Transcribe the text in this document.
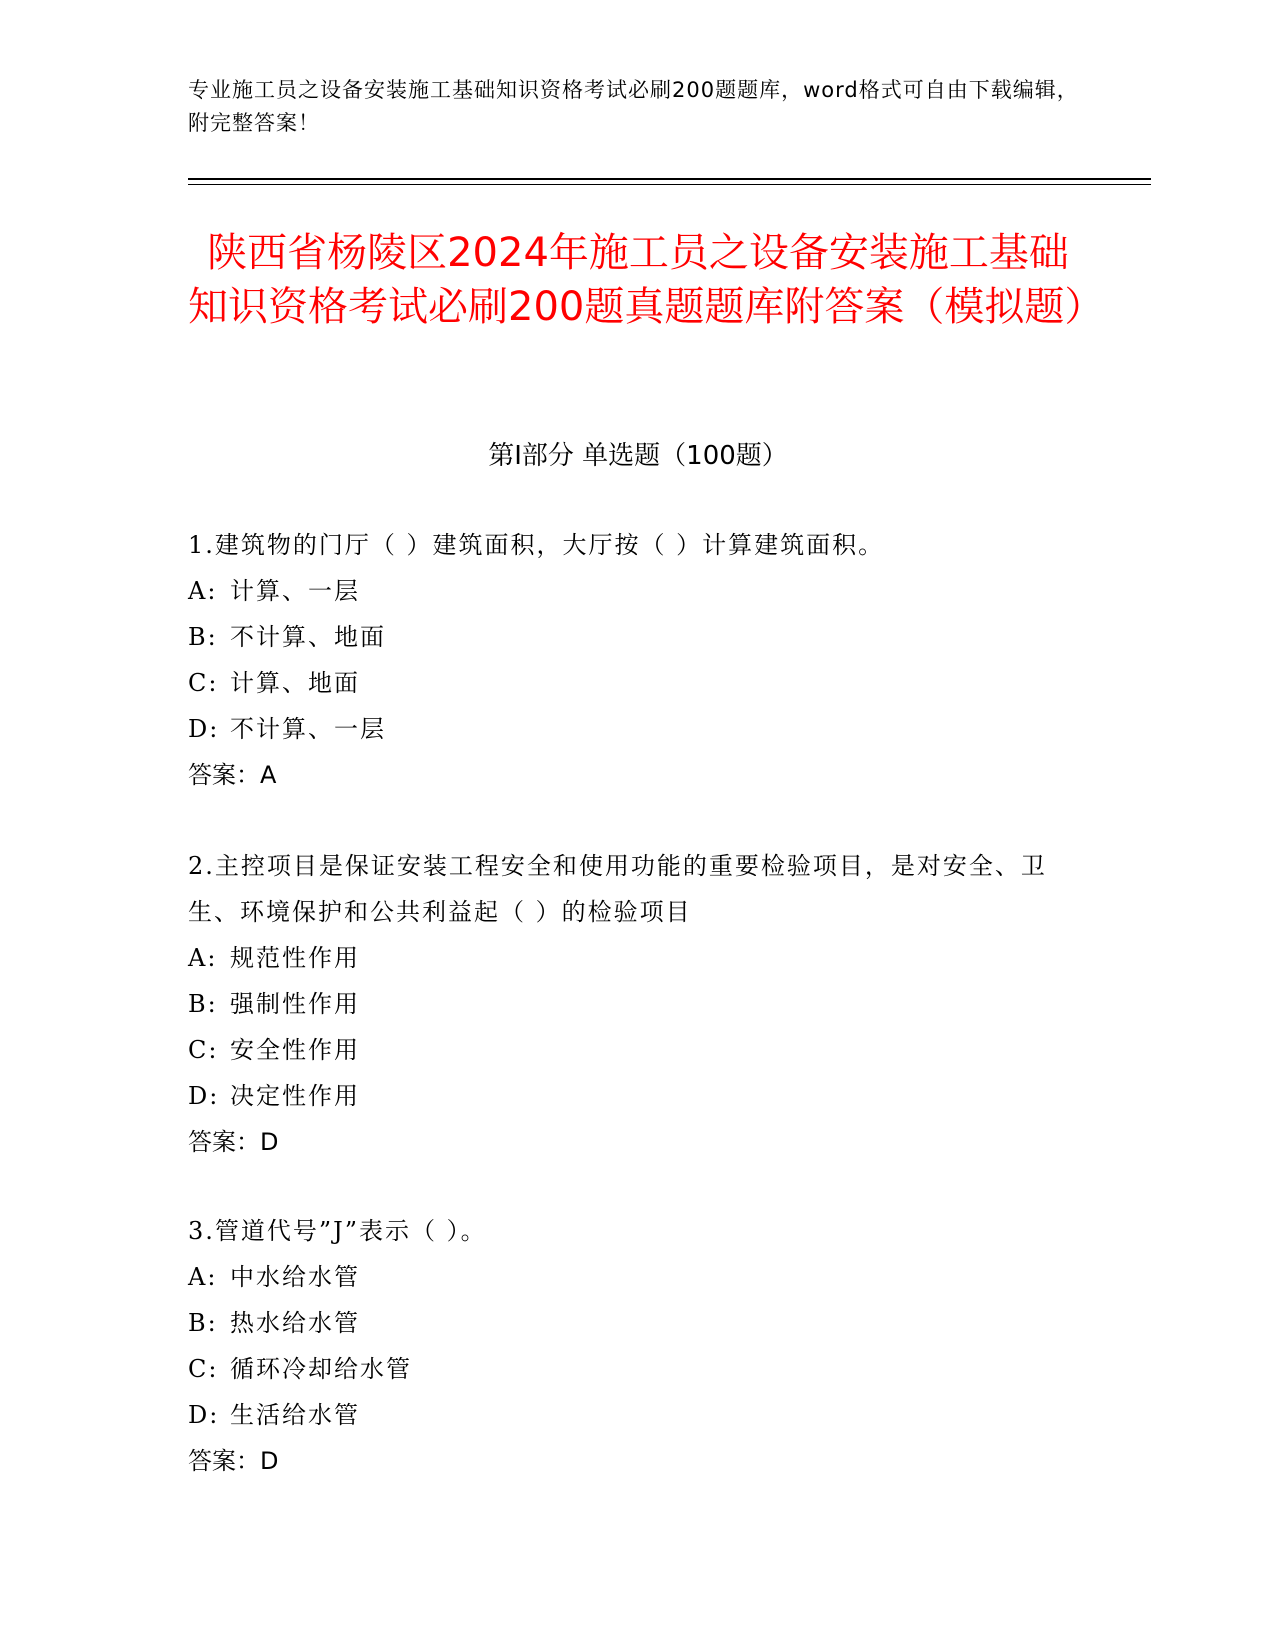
专业施工员之设备安装施工基础知识资格考试必刷200题题库，word格式可自由下载编辑，附完整答案！
陕西省杨陵区2024年施工员之设备安装施工基础知识资格考试必刷200题真题题库附答案（模拟题）
第I部分 单选题（100题）

1.建筑物的门厅（ ）建筑面积，大厅按（ ）计算建筑面积。

A: 计算、一层

B: 不计算、地面

C: 计算、地面

D: 不计算、一层

答案：A

2.主控项目是保证安装工程安全和使用功能的重要检验项目，是对安全、卫生、环境保护和公共利益起（ ）的检验项目

A: 规范性作用

B: 强制性作用

C: 安全性作用

D: 决定性作用

答案：D

3.管道代号”J”表示（ ）。

A: 中水给水管

B: 热水给水管

C: 循环冷却给水管

D: 生活给水管

答案：D
